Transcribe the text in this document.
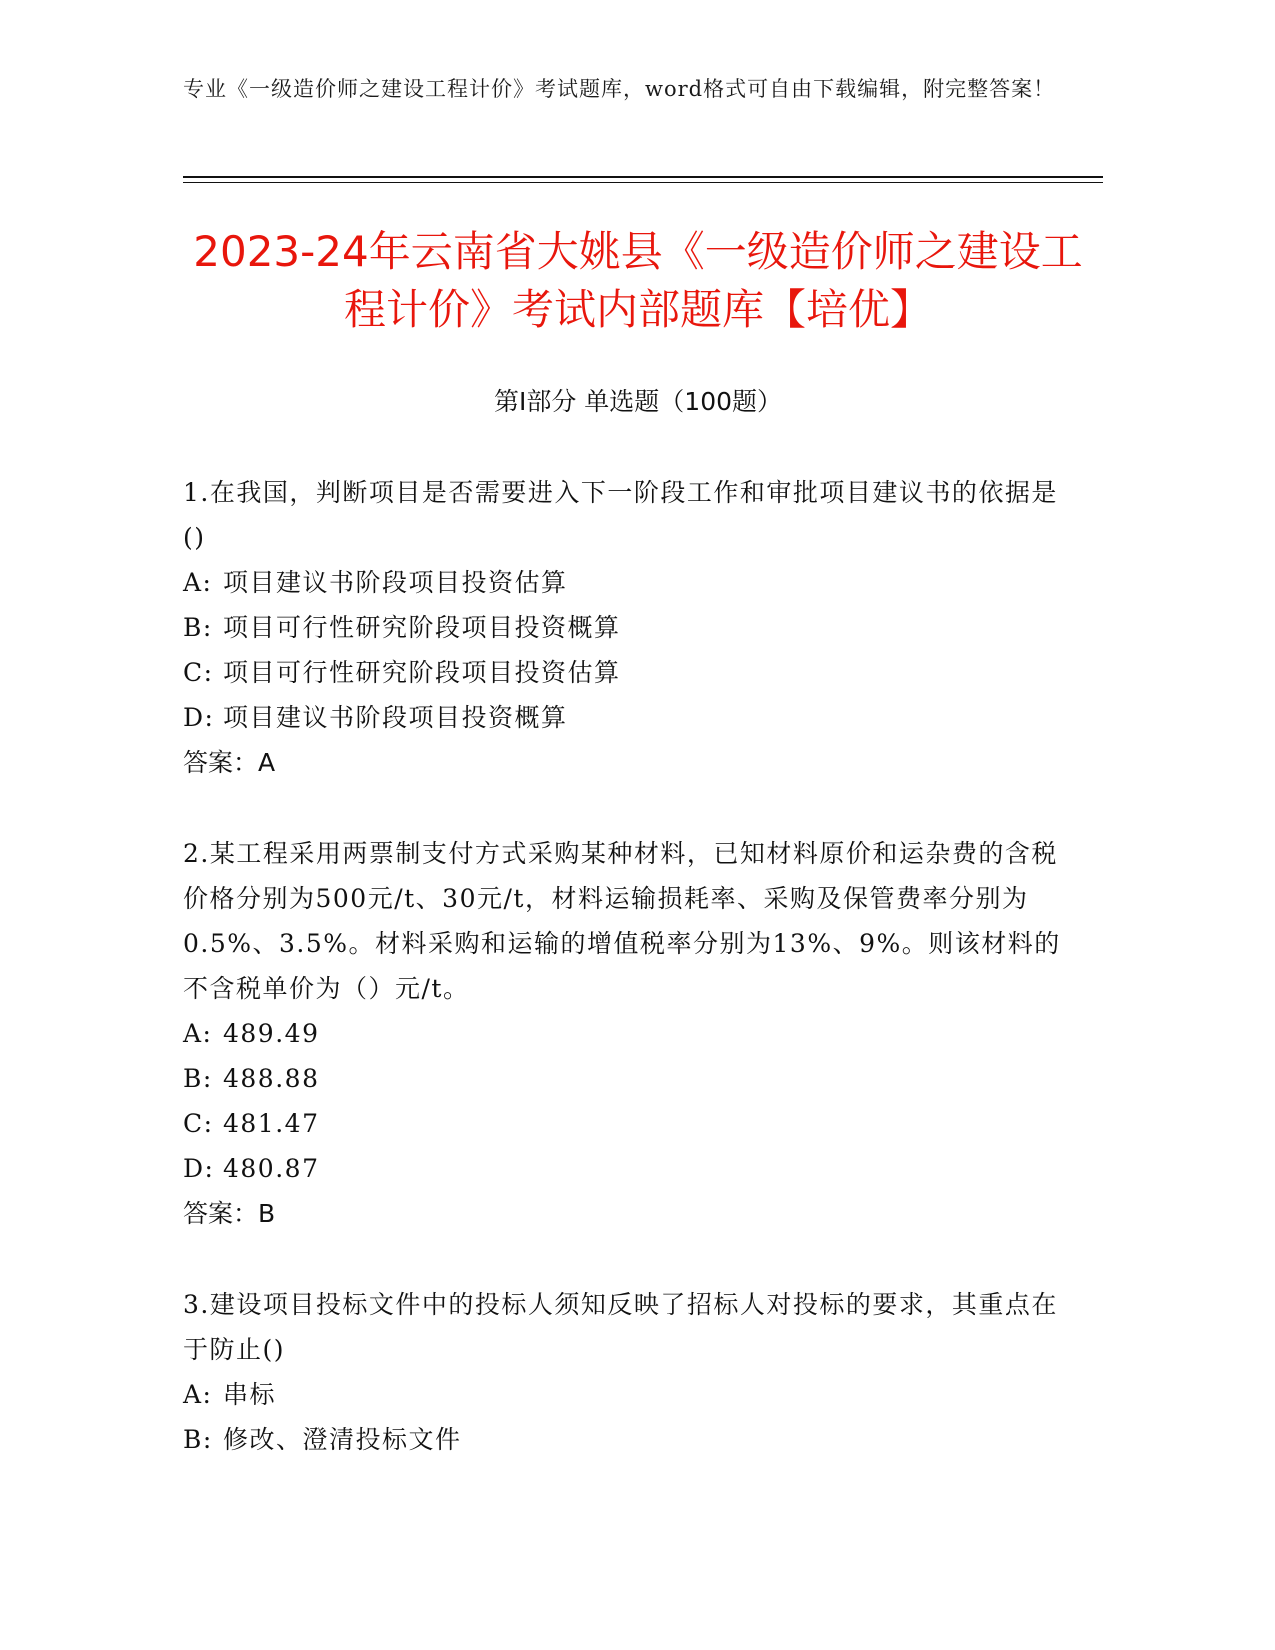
专业《一级造价师之建设工程计价》考试题库，word格式可自由下载编辑，附完整答案！
2023-24年云南省大姚县《一级造价师之建设工程计价》考试内部题库【培优】
第I部分 单选题（100题）

1.在我国，判断项目是否需要进入下一阶段工作和审批项目建议书的依据是()

A: 项目建议书阶段项目投资估算

B: 项目可行性研究阶段项目投资概算

C: 项目可行性研究阶段项目投资估算

D: 项目建议书阶段项目投资概算

答案：A

2.某工程采用两票制支付方式采购某种材料，已知材料原价和运杂费的含税价格分别为500元/t、30元/t，材料运输损耗率、采购及保管费率分别为0.5%、3.5%。材料采购和运输的增值税率分别为13%、9%。则该材料的不含税单价为（）元/t。

A: 489.49

B: 488.88

C: 481.47

D: 480.87

答案：B

3.建设项目投标文件中的投标人须知反映了招标人对投标的要求，其重点在于防止()

A: 串标

B: 修改、澄清投标文件
